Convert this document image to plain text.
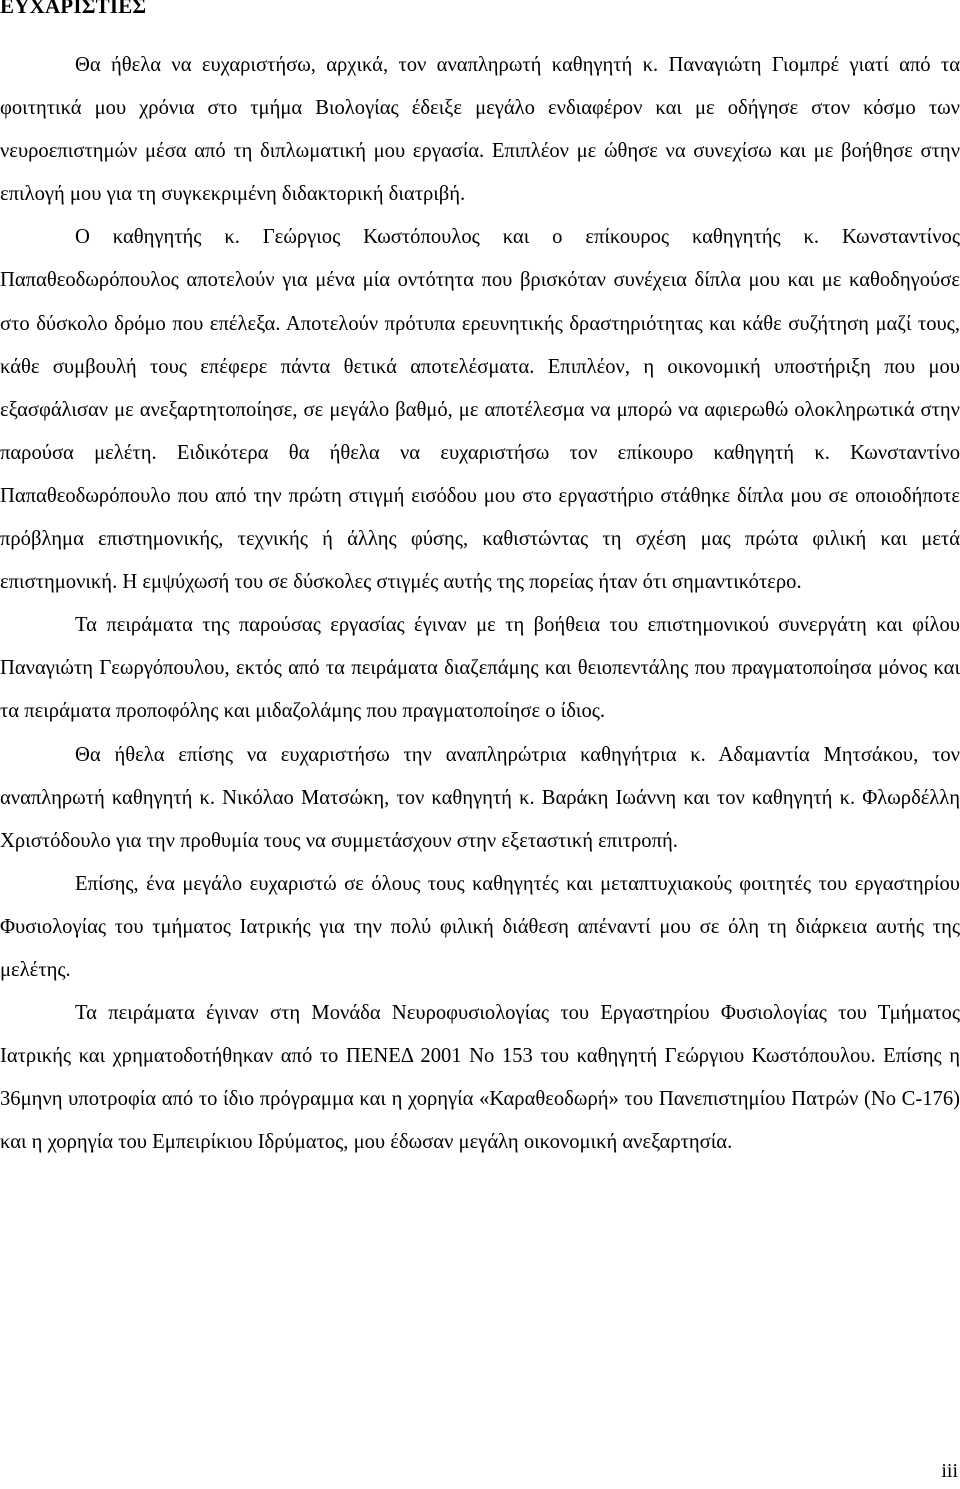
ΕΥΧΑΡΙΣΤΙΕΣ

Θα ήθελα να ευχαριστήσω, αρχικά, τον αναπληρωτή καθηγητή κ. Παναγιώτη Γιομπρέ γιατί από τα φοιτητικά μου χρόνια στο τμήμα Βιολογίας έδειξε μεγάλο ενδιαφέρον και με οδήγησε στον κόσμο των νευροεπιστημών μέσα από τη διπλωματική μου εργασία. Επιπλέον με ώθησε να συνεχίσω και με βοήθησε στην επιλογή μου για τη συγκεκριμένη διδακτορική διατριβή.

Ο καθηγητής κ. Γεώργιος Κωστόπουλος και ο επίκουρος καθηγητής κ. Κωνσταντίνος Παπαθεοδωρόπουλος αποτελούν για μένα μία οντότητα που βρισκόταν συνέχεια δίπλα μου και με καθοδηγούσε στο δύσκολο δρόμο που επέλεξα. Αποτελούν πρότυπα ερευνητικής δραστηριότητας και κάθε συζήτηση μαζί τους, κάθε συμβουλή τους επέφερε πάντα θετικά αποτελέσματα. Επιπλέον, η οικονομική υποστήριξη που μου εξασφάλισαν με ανεξαρτητοποίησε, σε μεγάλο βαθμό, με αποτέλεσμα να μπορώ να αφιερωθώ ολοκληρωτικά στην παρούσα μελέτη. Ειδικότερα θα ήθελα να ευχαριστήσω τον επίκουρο καθηγητή κ. Κωνσταντίνο Παπαθεοδωρόπουλο που από την πρώτη στιγμή εισόδου μου στο εργαστήριο στάθηκε δίπλα μου σε οποιοδήποτε πρόβλημα επιστημονικής, τεχνικής ή άλλης φύσης, καθιστώντας τη σχέση μας πρώτα φιλική και μετά επιστημονική. Η εμψύχωσή του σε δύσκολες στιγμές αυτής της πορείας ήταν ότι σημαντικότερο.

Τα πειράματα της παρούσας εργασίας έγιναν με τη βοήθεια του επιστημονικού συνεργάτη και φίλου Παναγιώτη Γεωργόπουλου, εκτός από τα πειράματα διαζεπάμης και θειοπεντάλης που πραγματοποίησα μόνος και τα πειράματα προποφόλης και μιδαζολάμης που πραγματοποίησε ο ίδιος.

Θα ήθελα επίσης να ευχαριστήσω την αναπληρώτρια καθηγήτρια κ. Αδαμαντία Μητσάκου, τον αναπληρωτή καθηγητή κ. Νικόλαο Ματσώκη, τον καθηγητή κ. Βαράκη Ιωάννη και τον καθηγητή κ. Φλωρδέλλη Χριστόδουλο για την προθυμία τους να συμμετάσχουν στην εξεταστική επιτροπή.

Επίσης, ένα μεγάλο ευχαριστώ σε όλους τους καθηγητές και μεταπτυχιακούς φοιτητές του εργαστηρίου Φυσιολογίας του τμήματος Ιατρικής για την πολύ φιλική διάθεση απέναντί μου σε όλη τη διάρκεια αυτής της μελέτης.

Τα πειράματα έγιναν στη Μονάδα Νευροφυσιολογίας του Εργαστηρίου Φυσιολογίας του Τμήματος Ιατρικής και χρηματοδοτήθηκαν από το ΠΕΝΕΔ 2001 Νο 153 του καθηγητή Γεώργιου Κωστόπουλου. Επίσης η 36μηνη υποτροφία από το ίδιο πρόγραμμα και η χορηγία «Καραθεοδωρή» του Πανεπιστημίου Πατρών (Νο C-176) και η χορηγία του Εμπειρίκιου Ιδρύματος, μου έδωσαν μεγάλη οικονομική ανεξαρτησία.

iii
